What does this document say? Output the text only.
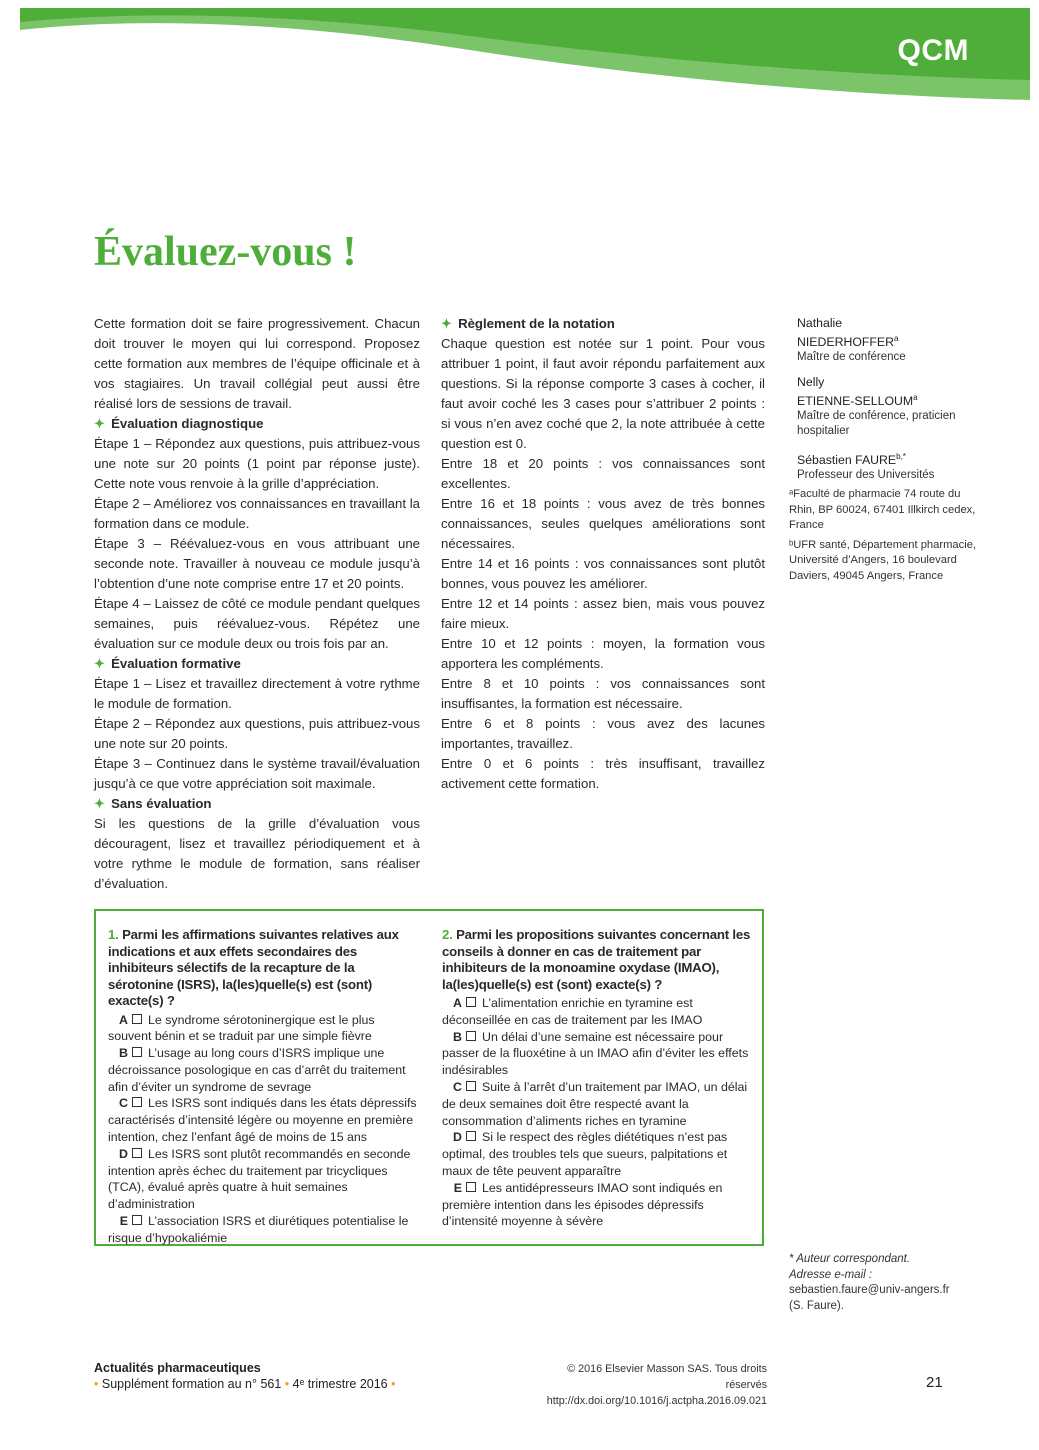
QCM
Évaluez-vous !

Cette formation doit se faire progressivement. Chacun doit trouver le moyen qui lui correspond. Proposez cette formation aux membres de l’équipe officinale et à vos stagiaires. Un travail collégial peut aussi être réalisé lors de sessions de travail.

✦ Évaluation diagnostique

Étape 1 – Répondez aux questions, puis attribuez-vous une note sur 20 points (1 point par réponse juste). Cette note vous renvoie à la grille d’appréciation.

Étape 2 – Améliorez vos connaissances en travaillant la formation dans ce module.

Étape 3 – Réévaluez-vous en vous attribuant une seconde note. Travailler à nouveau ce module jusqu’à l’obtention d’une note comprise entre 17 et 20 points.

Étape 4 – Laissez de côté ce module pendant quelques semaines, puis réévaluez-vous. Répétez une évaluation sur ce module deux ou trois fois par an.

✦ Évaluation formative

Étape 1 – Lisez et travaillez directement à votre rythme le module de formation.

Étape 2 – Répondez aux questions, puis attribuez-vous une note sur 20 points.

Étape 3 – Continuez dans le système travail/évaluation jusqu’à ce que votre appréciation soit maximale.

✦ Sans évaluation

Si les questions de la grille d’évaluation vous découragent, lisez et travaillez périodiquement et à votre rythme le module de formation, sans réaliser d’évaluation.

✦ Règlement de la notation

Chaque question est notée sur 1 point. Pour vous attribuer 1 point, il faut avoir répondu parfaitement aux questions. Si la réponse comporte 3 cases à cocher, il faut avoir coché les 3 cases pour s’attribuer 2 points : si vous n’en avez coché que 2, la note attribuée à cette question est 0.

Entre 18 et 20 points : vos connaissances sont excellentes.

Entre 16 et 18 points : vous avez de très bonnes connaissances, seules quelques améliorations sont nécessaires.

Entre 14 et 16 points : vos connaissances sont plutôt bonnes, vous pouvez les améliorer.

Entre 12 et 14 points : assez bien, mais vous pouvez faire mieux.

Entre 10 et 12 points : moyen, la formation vous apportera les compléments.

Entre 8 et 10 points : vos connaissances sont insuffisantes, la formation est nécessaire.

Entre 6 et 8 points : vous avez des lacunes importantes, travaillez.

Entre 0 et 6 points : très insuffisant, travaillez activement cette formation.

Nathalie
NIEDERHOFFER$^a$
Maître de conférence
Nelly
ETIENNE-SELLOUM$^a$
Maître de conférence, praticien hospitalier
Sébastien $FAURE^{b,*}$
Professeur des Universités

ᵃFaculté de pharmacie 74 route du Rhin, BP 60024, 67401 Illkirch cedex, France

ᵇUFR santé, Département pharmacie, Université d’Angers, 16 boulevard Daviers, 49045 Angers, France

1. Parmi les affirmations suivantes relatives aux indications et aux effets secondaires des inhibiteurs sélectifs de la recapture de la sérotonine (ISRS), la(les)quelle(s) est (sont) exacte(s) ?

A Le syndrome sérotoninergique est le plus souvent bénin et se traduit par une simple fièvre

B L’usage au long cours d’ISRS implique une décroissance posologique en cas d’arrêt du traitement afin d’éviter un syndrome de sevrage

C Les ISRS sont indiqués dans les états dépressifs caractérisés d’intensité légère ou moyenne en première intention, chez l’enfant âgé de moins de 15 ans

D Les ISRS sont plutôt recommandés en seconde intention après échec du traitement par tricycliques (TCA), évalué après quatre à huit semaines d’administration

E L’association ISRS et diurétiques potentialise le risque d’hypokaliémie

2. Parmi les propositions suivantes concernant les conseils à donner en cas de traitement par inhibiteurs de la monoamine oxydase (IMAO), la(les)quelle(s) est (sont) exacte(s) ?

A L’alimentation enrichie en tyramine est déconseillée en cas de traitement par les IMAO

B Un délai d’une semaine est nécessaire pour passer de la fluoxétine à un IMAO afin d’éviter les effets indésirables

C Suite à l’arrêt d’un traitement par IMAO, un délai de deux semaines doit être respecté avant la consommation d’aliments riches en tyramine

D Si le respect des règles diététiques n’est pas optimal, des troubles tels que sueurs, palpitations et maux de tête peuvent apparaître

E Les antidépresseurs IMAO sont indiqués en première intention dans les épisodes dépressifs d’intensité moyenne à sévère

* Auteur correspondant.
Adresse e-mail :
sebastien.faure@univ-angers.fr
(S. Faure).
Actualités pharmaceutiques
• Supplément formation au n° 561 • 4ᵉ trimestre 2016 •
© 2016 Elsevier Masson SAS. Tous droits réservés
http://dx.doi.org/10.1016/j.actpha.2016.09.021
21
